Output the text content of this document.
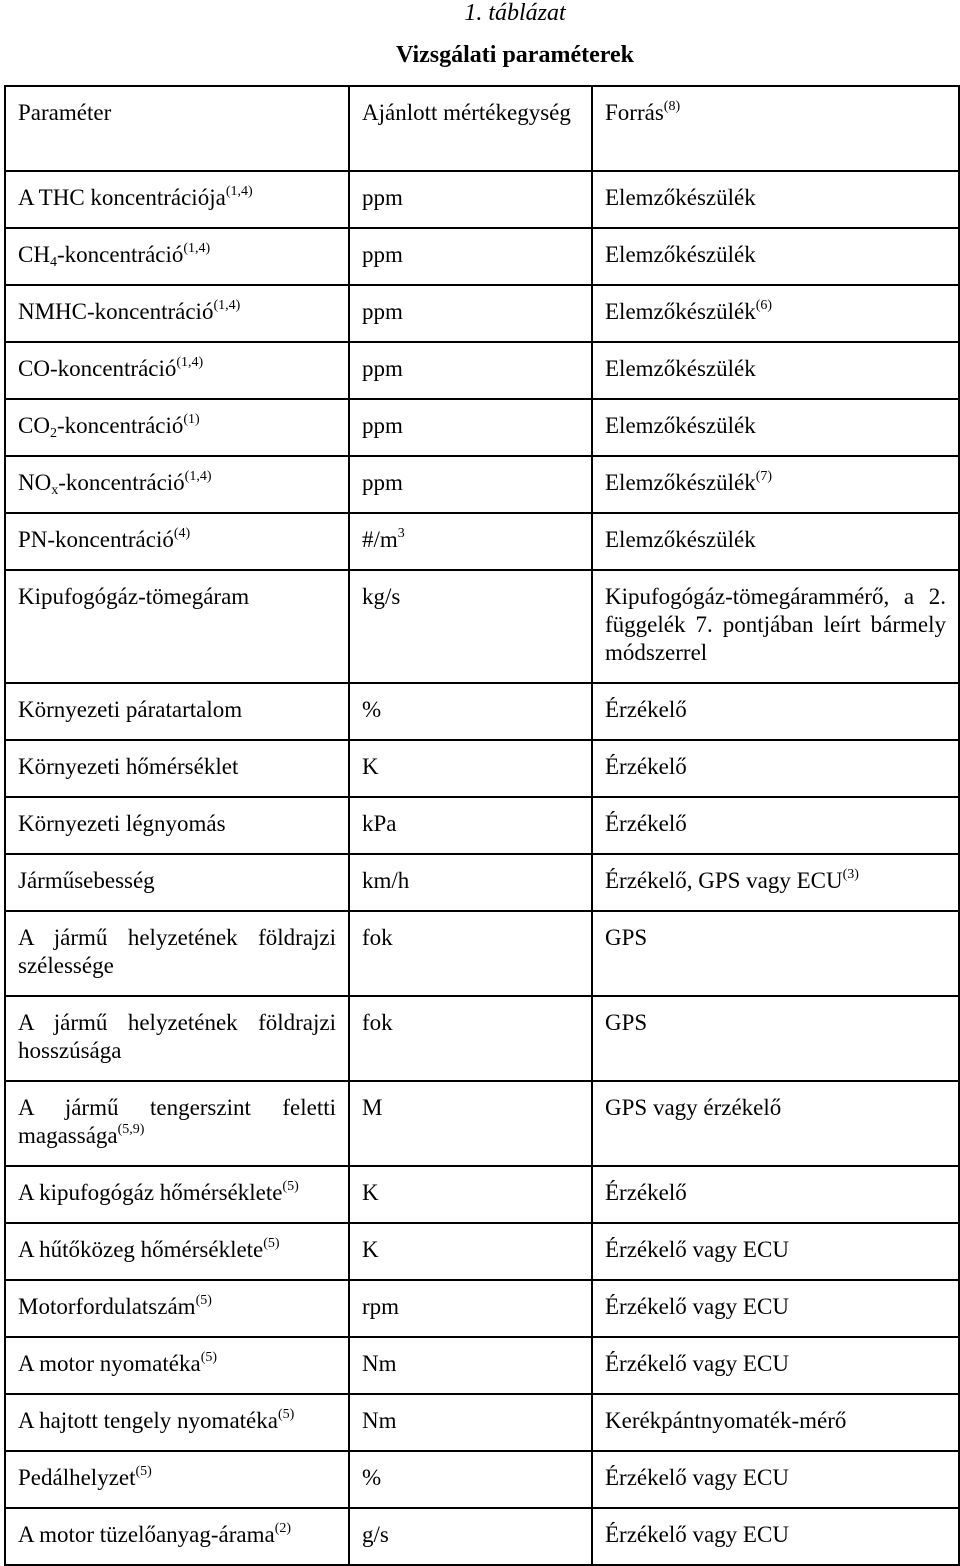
1. táblázat
Vizsgálati paraméterek
Paraméter	Ajánlott mértékegység	Forrás$^{(8)}$
A THC koncentrációja$^{(1,4)}$	ppm	Elemzőkészülék
$CH_4-koncentráció^{(1,4)}$	ppm	Elemzőkészülék
NMHC-koncentráció$^{(1,4)}$	ppm	Elemzőkészülék$^{(6)}$
CO-koncentráció$^{(1,4)}$	ppm	Elemzőkészülék
$CO_2-koncentráció^{(1)}$	ppm	Elemzőkészülék
$NO_x-koncentráció^{(1,4)}$	ppm	Elemzőkészülék$^{(7)}$
PN-koncentráció$^{(4)}$	$\#/m^3$	Elemzőkészülék
Kipufogógáz-tömegáram	kg/s	Kipufogógáz-tömegárammérő, a 2. függelék 7. pontjában leírt bármely módszerrel
Környezeti páratartalom	%	Érzékelő
Környezeti hőmérséklet	K	Érzékelő
Környezeti légnyomás	kPa	Érzékelő
Járműsebesség	km/h	Érzékelő, GPS vagy ECU$^{(3)}$
A jármű helyzetének földrajzi szélessége	fok	GPS
A jármű helyzetének földrajzi hosszúsága	fok	GPS
A jármű tengerszint feletti magassága$^{(5,9)}$	M	GPS vagy érzékelő
A kipufogógáz hőmérséklete$^{(5)}$	K	Érzékelő
A hűtőközeg hőmérséklete$^{(5)}$	K	Érzékelő vagy ECU
Motorfordulatszám$^{(5)}$	rpm	Érzékelő vagy ECU
A motor nyomatéka$^{(5)}$	Nm	Érzékelő vagy ECU
A hajtott tengely nyomatéka$^{(5)}$	Nm	Kerékpántnyomaték-mérő
Pedálhelyzet$^{(5)}$	%	Érzékelő vagy ECU
A motor tüzelőanyag-árama$^{(2)}$	g/s	Érzékelő vagy ECU
